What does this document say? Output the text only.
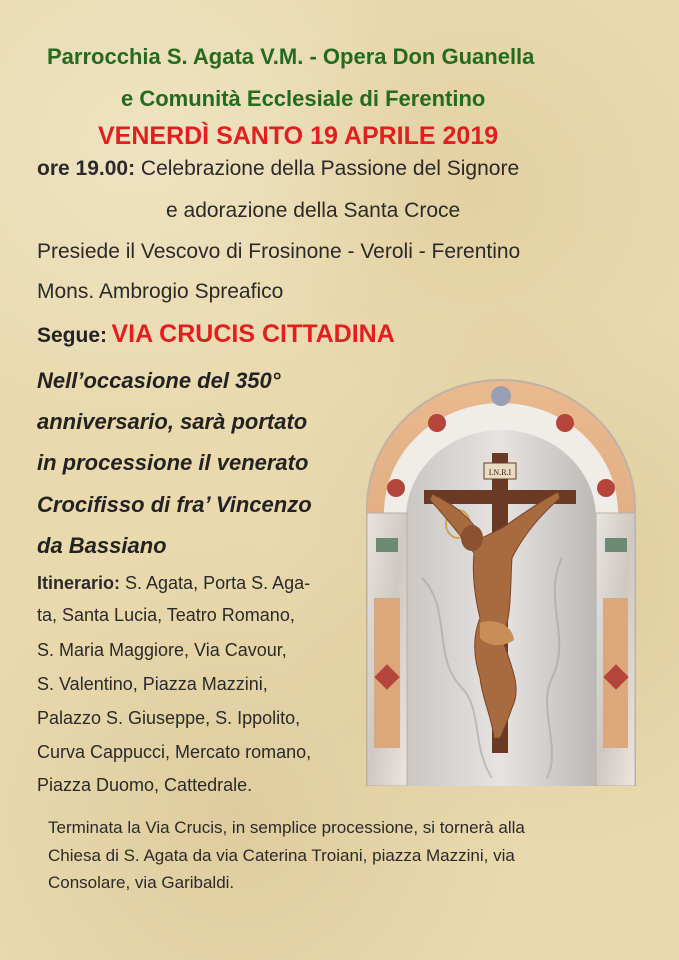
Parrocchia S. Agata V.M. - Opera Don Guanella
e Comunità Ecclesiale di Ferentino
VENERDÌ SANTO 19 APRILE 2019
ore 19.00: Celebrazione della Passione del Signore
e adorazione della Santa Croce
Presiede il Vescovo di Frosinone - Veroli - Ferentino
Mons. Ambrogio Spreafico
Segue: VIA CRUCIS CITTADINA
Nell’occasione del 350°
anniversario, sarà portato
in processione il venerato
Crocifisso di fra’ Vincenzo
da Bassiano
Itinerario: S. Agata, Porta S. Aga-
ta, Santa Lucia, Teatro Romano,
S. Maria Maggiore, Via Cavour,
S. Valentino, Piazza Mazzini,
Palazzo S. Giuseppe, S. Ippolito,
Curva Cappucci, Mercato romano,
Piazza Duomo, Cattedrale.
Terminata la Via Crucis, in semplice processione, si tornerà alla
Chiesa di S. Agata da via Caterina Troiani, piazza Mazzini, via
Consolare, via Garibaldi.
I.N.R.I
